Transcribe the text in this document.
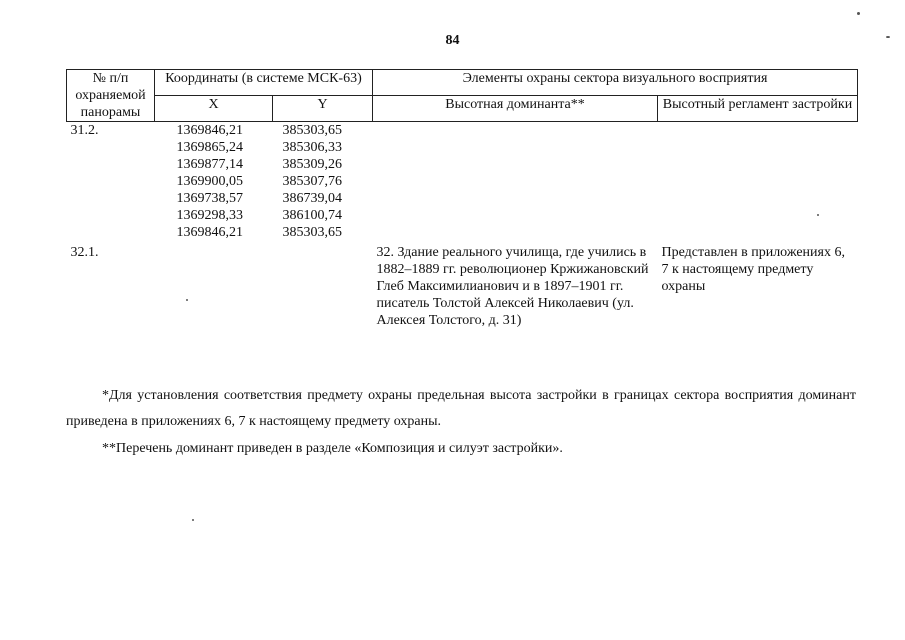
84
№ п/п охраняемой панорамы	Координаты (в системе МСК-63)		Элементы охраны сектора визуального восприятия	
	X	Y	Высотная доминанта**	Высотный регламент застройки
31.2.	1369846,21	385303,65		
	1369865,24	385306,33		
	1369877,14	385309,26		
	1369900,05	385307,76		
	1369738,57	386739,04		
	1369298,33	386100,74		
	1369846,21	385303,65		
32.1.			32. Здание реального училища, где учились в 1882–1889 гг. революционер Кржижановский Глеб Максимилианович и в 1897–1901 гг. писатель Толстой Алексей Николаевич (ул. Алексея Толстого, д. 31)	Представлен в приложениях 6, 7 к настоящему предмету охраны

*Для установления соответствия предмету охраны предельная высота застройки в границах сектора восприятия доминант приведена в приложениях 6, 7 к настоящему предмету охраны.

**Перечень доминант приведен в разделе «Композиция и силуэт застройки».
